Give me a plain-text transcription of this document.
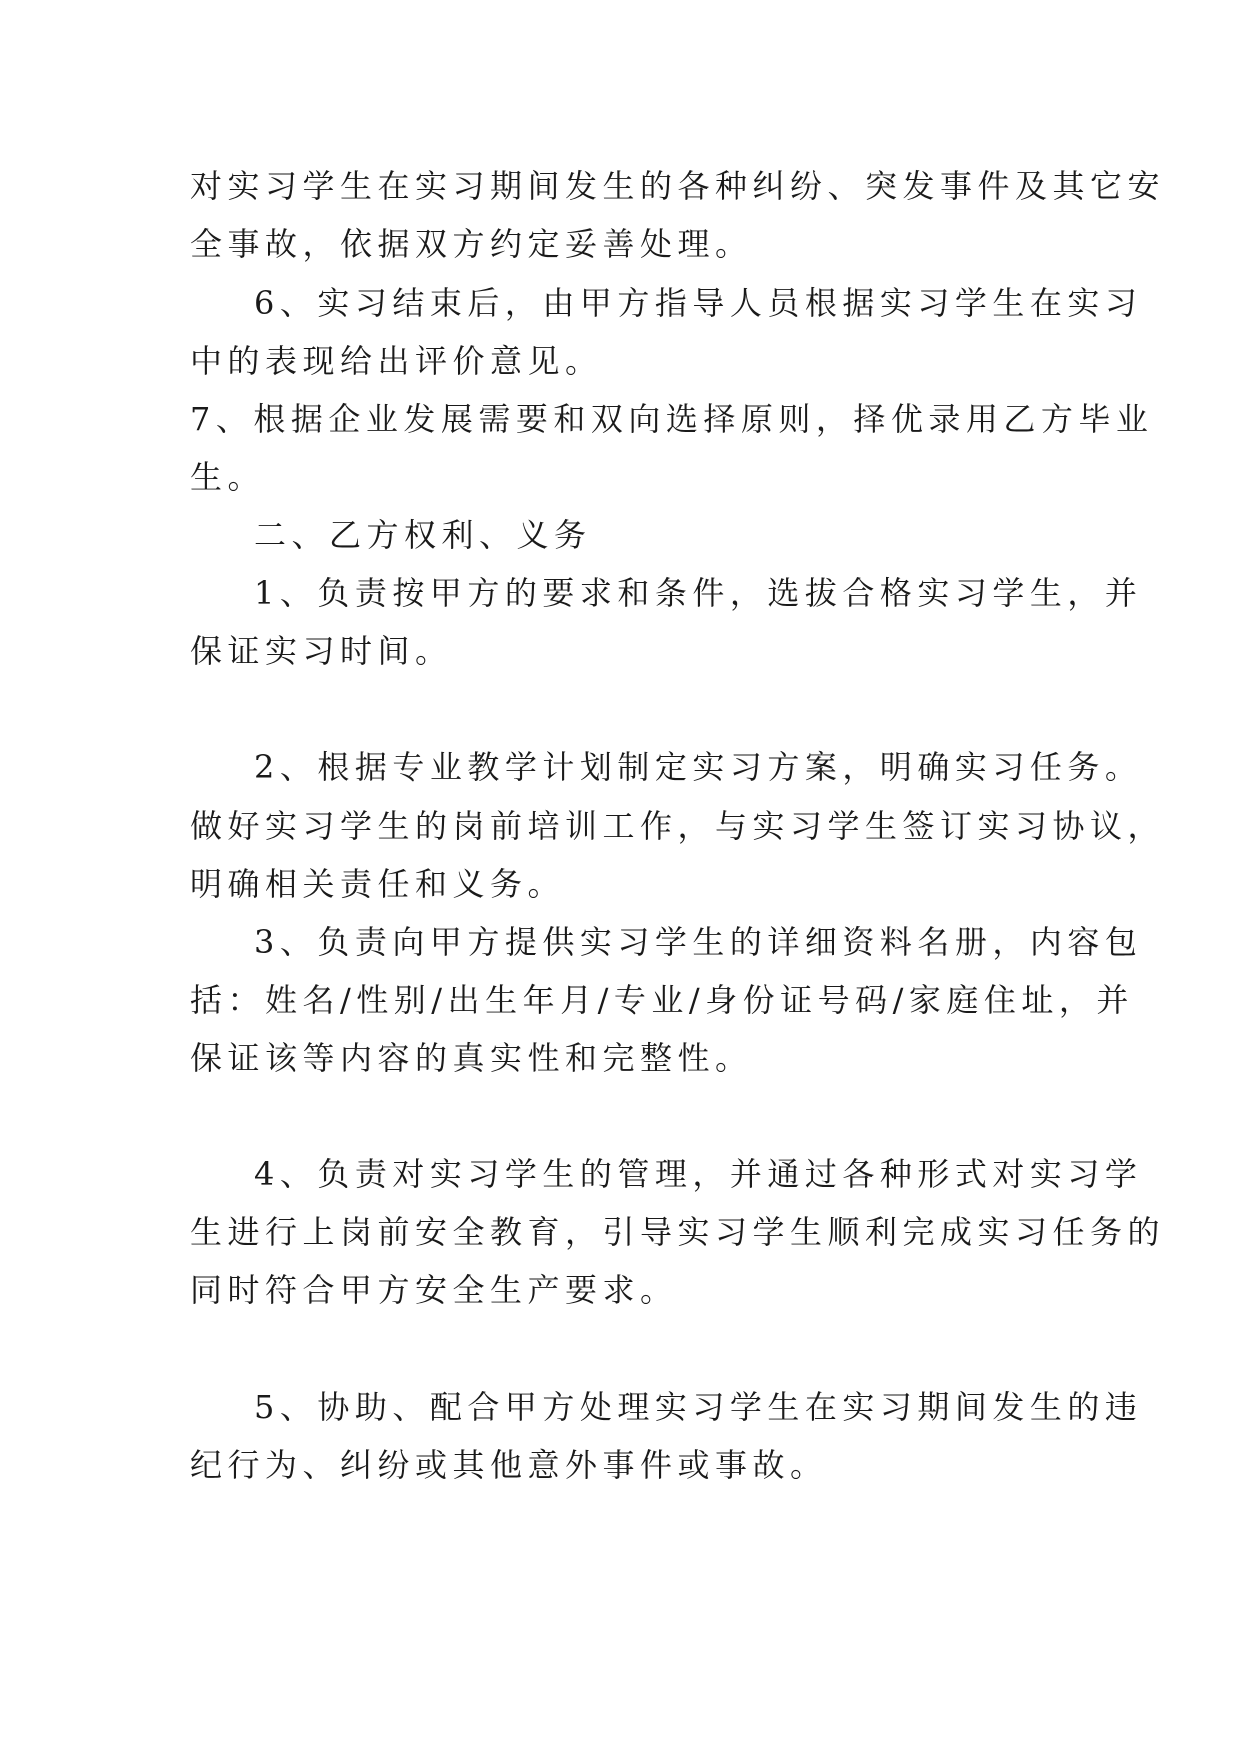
对实习学生在实习期间发生的各种纠纷、突发事件及其它安
全事故，依据双方约定妥善处理。
6、实习结束后，由甲方指导人员根据实习学生在实习
中的表现给出评价意见。
7、根据企业发展需要和双向选择原则，择优录用乙方毕业
生。
二、乙方权利、义务
1、负责按甲方的要求和条件，选拔合格实习学生，并
保证实习时间。
2、根据专业教学计划制定实习方案，明确实习任务。
做好实习学生的岗前培训工作，与实习学生签订实习协议，
明确相关责任和义务。
3、负责向甲方提供实习学生的详细资料名册，内容包
括：姓名/性别/出生年月/专业/身份证号码/家庭住址，并
保证该等内容的真实性和完整性。
4、负责对实习学生的管理，并通过各种形式对实习学
生进行上岗前安全教育，引导实习学生顺利完成实习任务的
同时符合甲方安全生产要求。
5、协助、配合甲方处理实习学生在实习期间发生的违
纪行为、纠纷或其他意外事件或事故。
